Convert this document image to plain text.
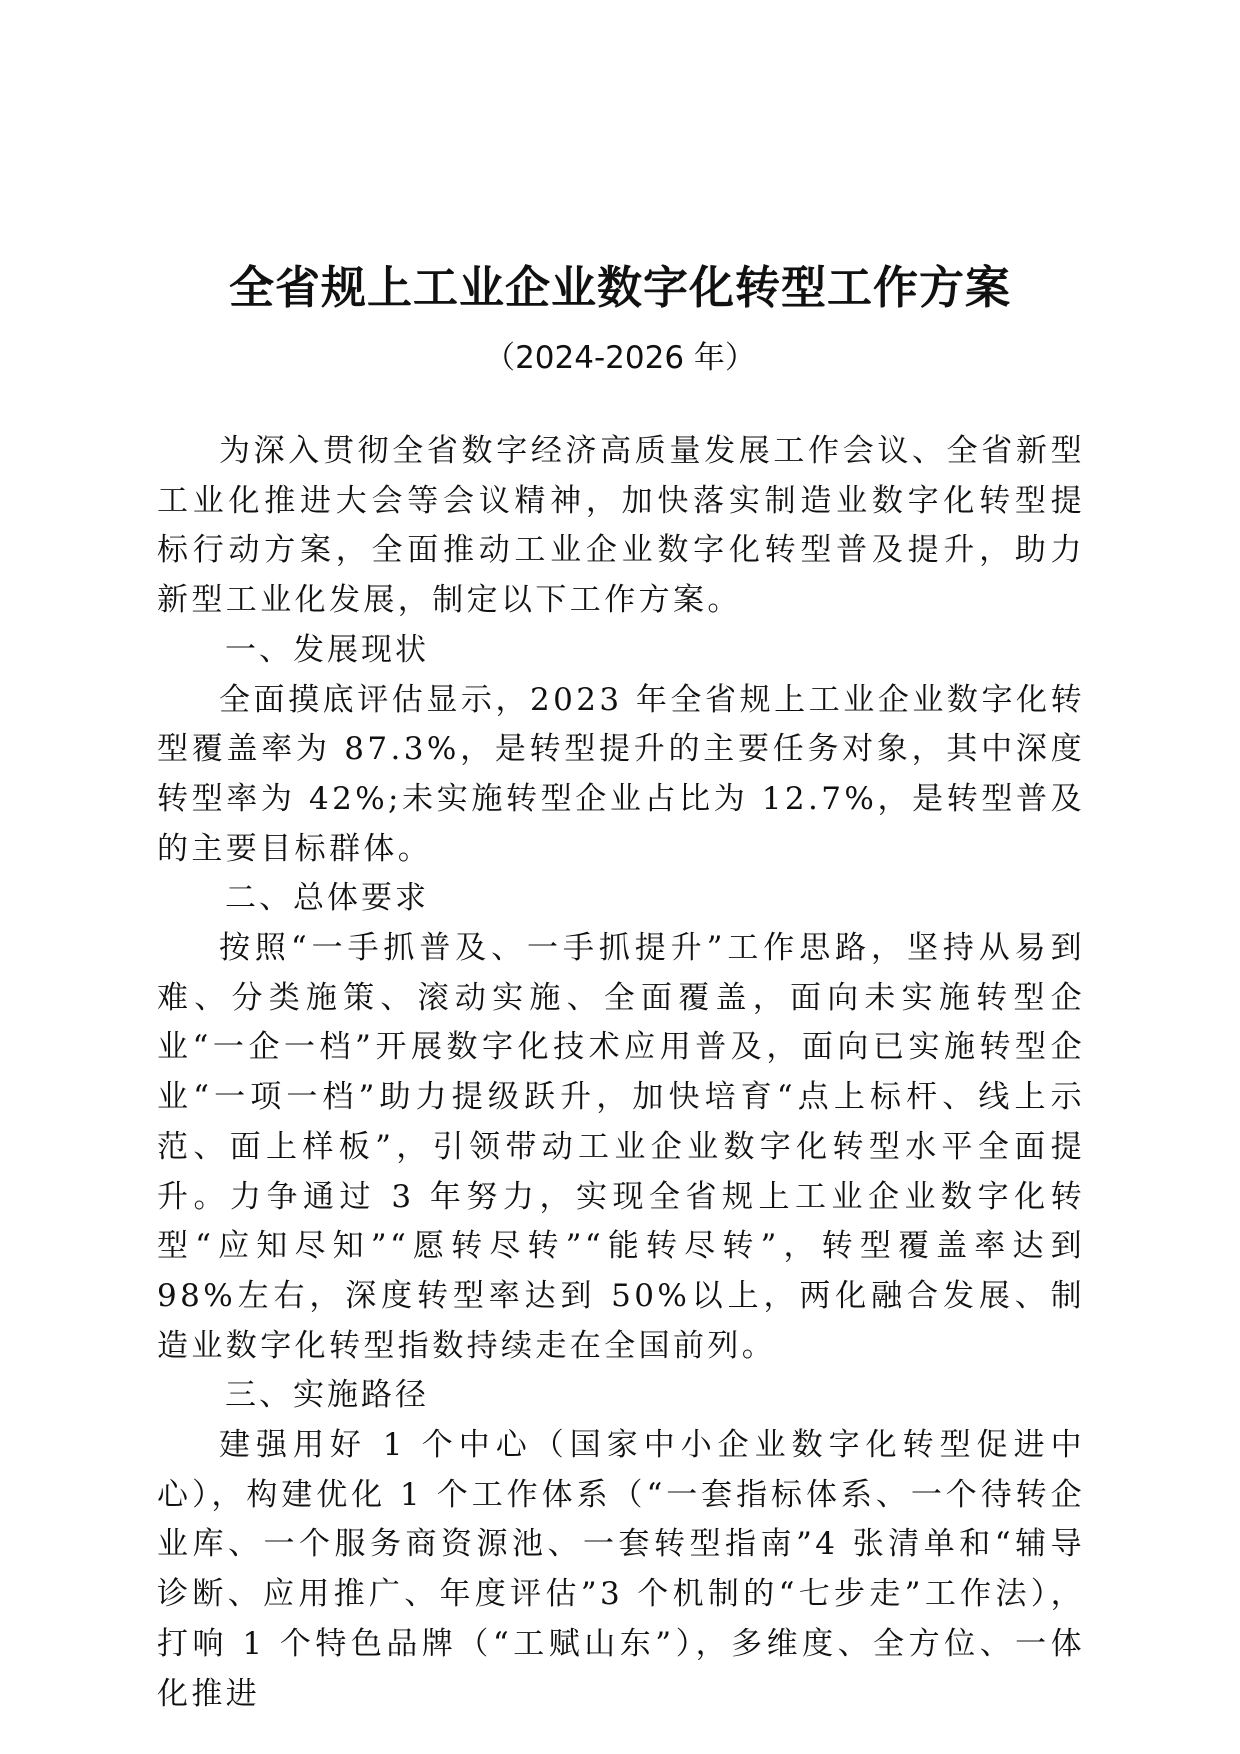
全省规上工业企业数字化转型工作方案
（2024-2026 年）

为深入贯彻全省数字经济高质量发展工作会议、全省新型工业化推进大会等会议精神，加快落实制造业数字化转型提标行动方案，全面推动工业企业数字化转型普及提升，助力新型工业化发展，制定以下工作方案。

一、发展现状

全面摸底评估显示，2023 年全省规上工业企业数字化转型覆盖率为 87.3%，是转型提升的主要任务对象，其中深度转型率为 42%;未实施转型企业占比为 12.7%，是转型普及的主要目标群体。

二、总体要求

按照“一手抓普及、一手抓提升”工作思路，坚持从易到难、分类施策、滚动实施、全面覆盖，面向未实施转型企业“一企一档”开展数字化技术应用普及，面向已实施转型企业“一项一档”助力提级跃升，加快培育“点上标杆、线上示范、面上样板”，引领带动工业企业数字化转型水平全面提升。力争通过 3 年努力，实现全省规上工业企业数字化转型“应知尽知”“愿转尽转”“能转尽转”，转型覆盖率达到 98%左右，深度转型率达到 50%以上，两化融合发展、制造业数字化转型指数持续走在全国前列。

三、实施路径

建强用好 1 个中心（国家中小企业数字化转型促进中心），构建优化 1 个工作体系（“一套指标体系、一个待转企业库、一个服务商资源池、一套转型指南”4 张清单和“辅导诊断、应用推广、年度评估”3 个机制的“七步走”工作法），打响 1 个特色品牌（“工赋山东”），多维度、全方位、一体化推进
